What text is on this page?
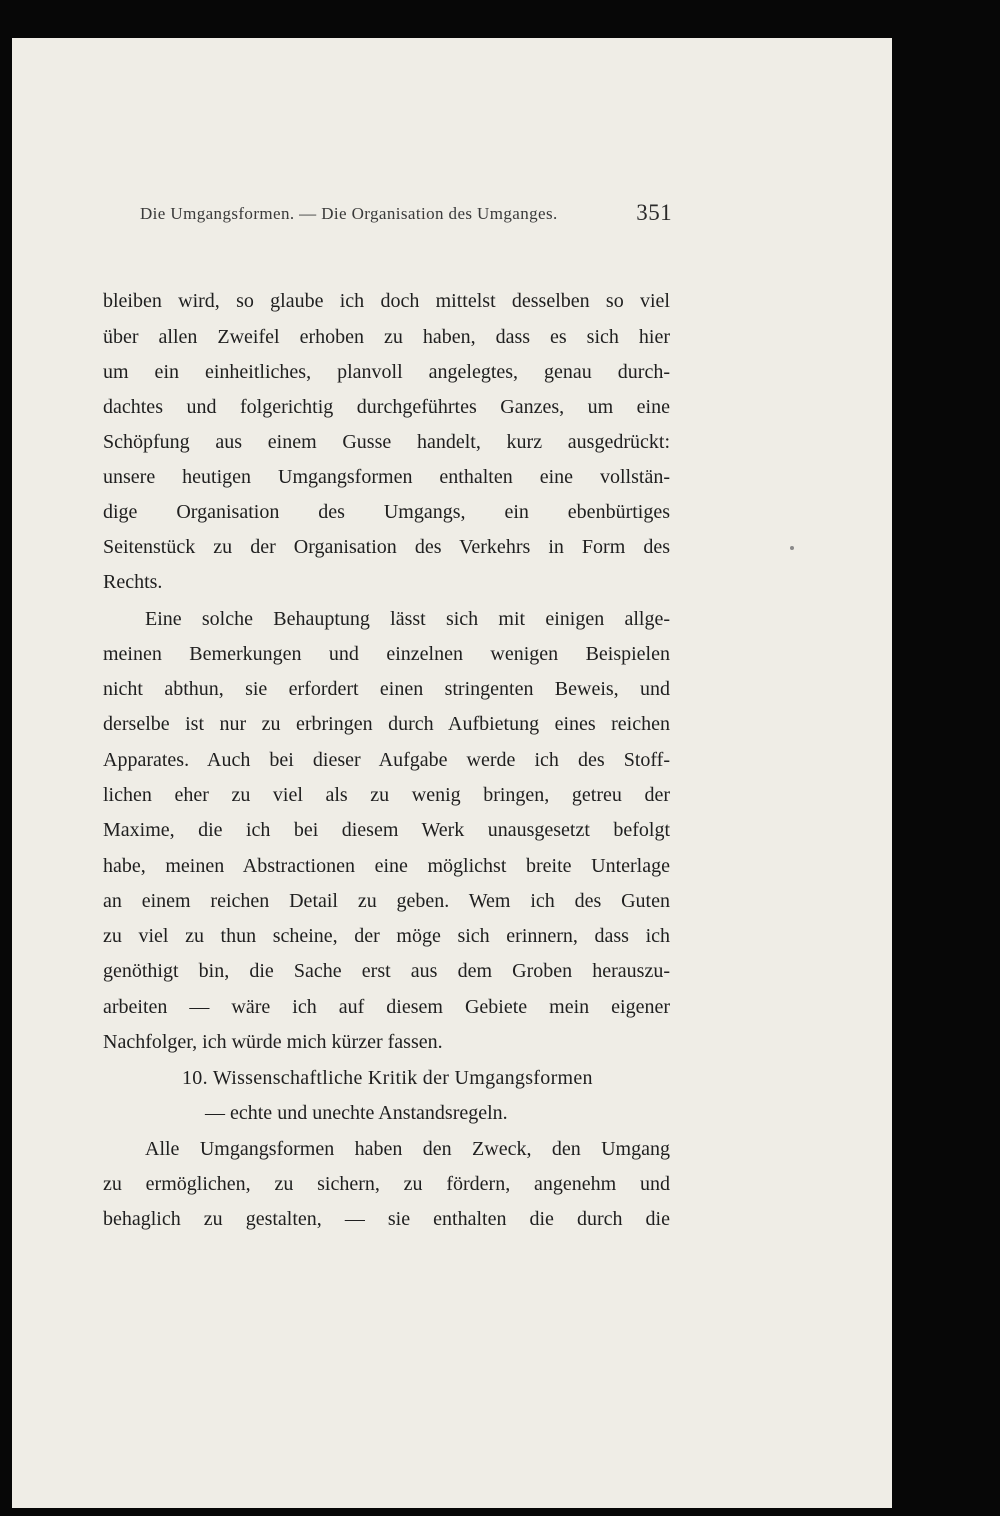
Die Umgangsformen. — Die Organisation des Umganges.	351
bleiben wird, so glaube ich doch mittelst desselben so viel
über allen Zweifel erhoben zu haben, dass es sich hier
um ein einheitliches, planvoll angelegtes, genau durch-
dachtes und folgerichtig durchgeführtes Ganzes, um eine
Schöpfung aus einem Gusse handelt, kurz ausgedrückt:
unsere heutigen Umgangsformen enthalten eine vollstän-
dige Organisation des Umgangs, ein ebenbürtiges
Seitenstück zu der Organisation des Verkehrs in Form des
Rechts.
Eine solche Behauptung lässt sich mit einigen allge-
meinen Bemerkungen und einzelnen wenigen Beispielen
nicht abthun, sie erfordert einen stringenten Beweis, und
derselbe ist nur zu erbringen durch Aufbietung eines reichen
Apparates. Auch bei dieser Aufgabe werde ich des Stoff-
lichen eher zu viel als zu wenig bringen, getreu der
Maxime, die ich bei diesem Werk unausgesetzt befolgt
habe, meinen Abstractionen eine möglichst breite Unterlage
an einem reichen Detail zu geben. Wem ich des Guten
zu viel zu thun scheine, der möge sich erinnern, dass ich
genöthigt bin, die Sache erst aus dem Groben herauszu-
arbeiten — wäre ich auf diesem Gebiete mein eigener
Nachfolger, ich würde mich kürzer fassen.
10. Wissenschaftliche Kritik der Umgangsformen
— echte und unechte Anstandsregeln.
Alle Umgangsformen haben den Zweck, den Umgang
zu ermöglichen, zu sichern, zu fördern, angenehm und
behaglich zu gestalten, — sie enthalten die durch die
